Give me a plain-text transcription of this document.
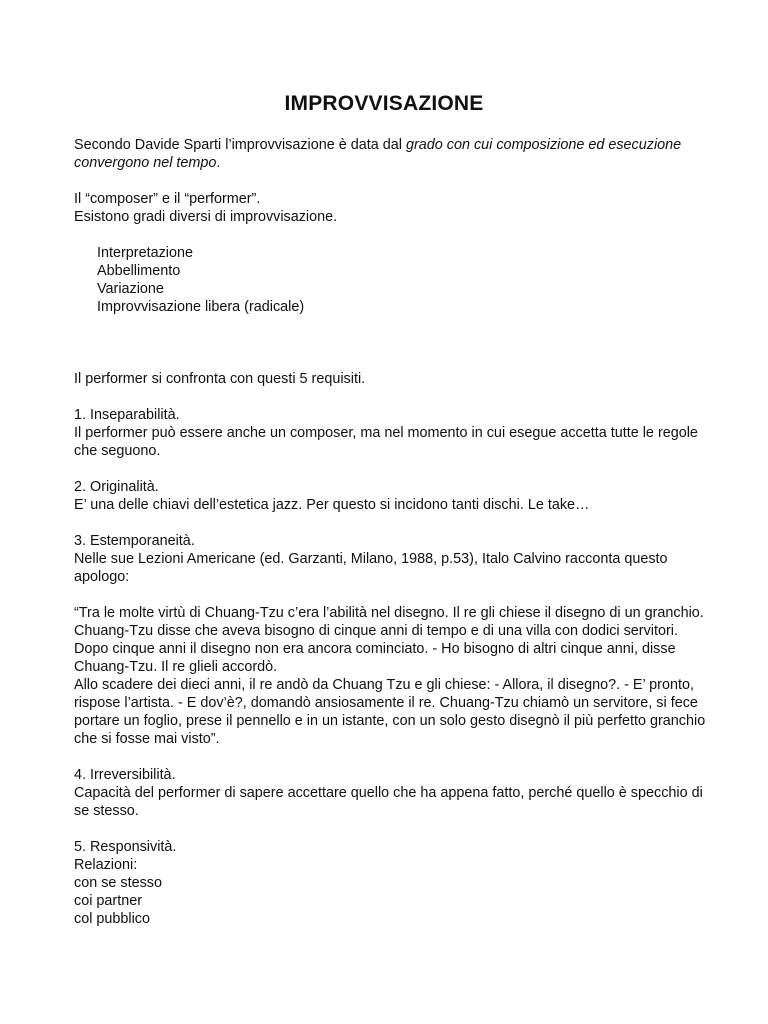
IMPROVVISAZIONE

Secondo Davide Sparti l’improvvisazione è data dal grado con cui composizione ed esecuzione convergono nel tempo.

Il “composer” e il “performer”.

Esistono gradi diversi di improvvisazione.

Interpretazione

Abbellimento

Variazione

Improvvisazione libera (radicale)

Il performer si confronta con questi 5 requisiti.

1. Inseparabilità.

Il performer può essere anche un composer, ma nel momento in cui esegue accetta tutte le regole che seguono.

2. Originalità.

E’ una delle chiavi dell’estetica jazz. Per questo si incidono tanti dischi. Le take…

3. Estemporaneità.

Nelle sue Lezioni Americane (ed. Garzanti, Milano, 1988, p.53), Italo Calvino racconta questo apologo:

“Tra le molte virtù di Chuang-Tzu c’era l’abilità nel disegno. Il re gli chiese il disegno di un granchio. Chuang-Tzu disse che aveva bisogno di cinque anni di tempo e di una villa con dodici servitori. Dopo cinque anni il disegno non era ancora cominciato. - Ho bisogno di altri cinque anni, disse Chuang-Tzu. Il re glieli accordò.

Allo scadere dei dieci anni, il re andò da Chuang Tzu e gli chiese: - Allora, il disegno?. - E’ pronto, rispose l’artista. - E dov’è?, domandò ansiosamente il re. Chuang-Tzu chiamò un servitore, si fece portare un foglio, prese il pennello e in un istante, con un solo gesto disegnò il più perfetto granchio che si fosse mai visto”.

4. Irreversibilità.

Capacità del performer di sapere accettare quello che ha appena fatto, perché quello è specchio di se stesso.

5. Responsività.

Relazioni:

con se stesso

coi partner

col pubblico
